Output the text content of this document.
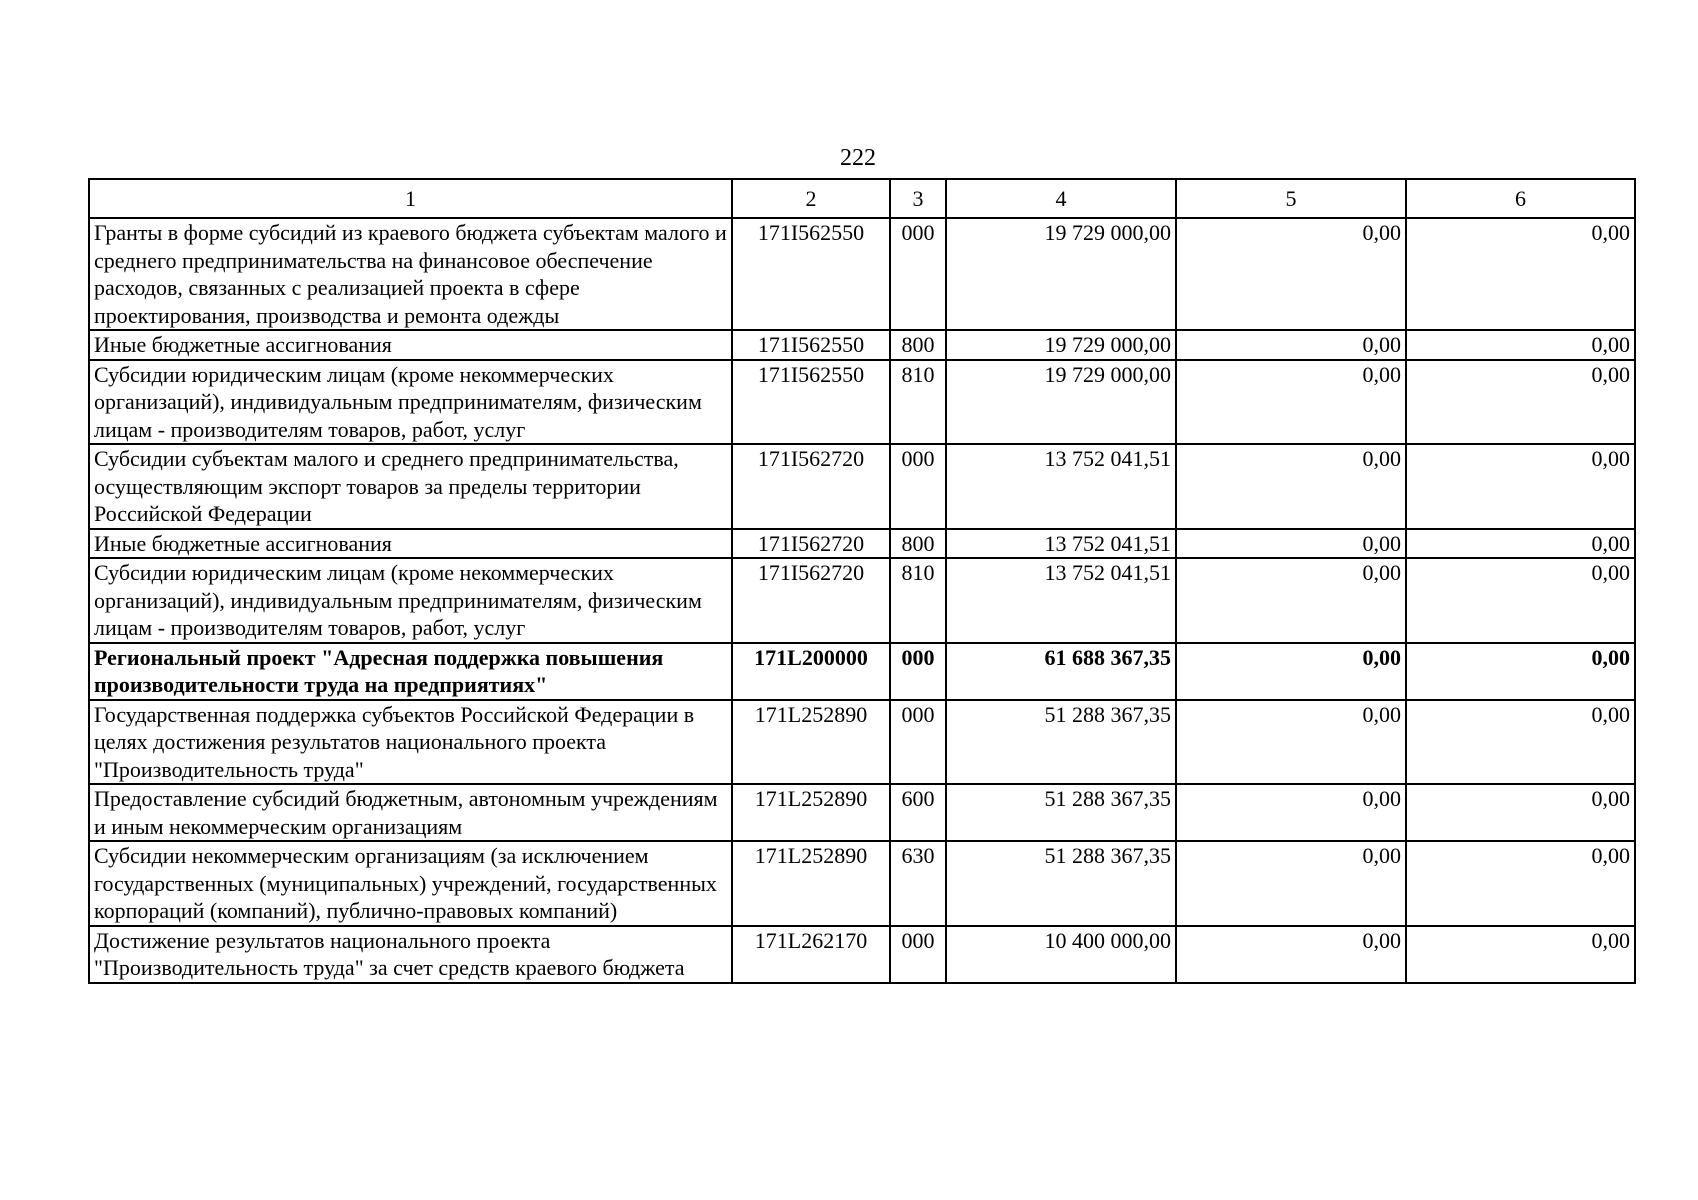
222
1	2	3	4	5	6
Гранты в форме субсидий из краевого бюджета субъектам малого и среднего предпринимательства на финансовое обеспечение расходов, связанных с реализацией проекта в сфере проектирования, производства и ремонта одежды	171I562550	000	19 729 000,00	0,00	0,00
Иные бюджетные ассигнования	171I562550	800	19 729 000,00	0,00	0,00
Субсидии юридическим лицам (кроме некоммерческих организаций), индивидуальным предпринимателям, физическим лицам - производителям товаров, работ, услуг	171I562550	810	19 729 000,00	0,00	0,00
Субсидии субъектам малого и среднего предпринимательства, осуществляющим экспорт товаров за пределы территории Российской Федерации	171I562720	000	13 752 041,51	0,00	0,00
Иные бюджетные ассигнования	171I562720	800	13 752 041,51	0,00	0,00
Субсидии юридическим лицам (кроме некоммерческих организаций), индивидуальным предпринимателям, физическим лицам - производителям товаров, работ, услуг	171I562720	810	13 752 041,51	0,00	0,00
Региональный проект "Адресная поддержка повышения производительности труда на предприятиях"	171L200000	000	61 688 367,35	0,00	0,00
Государственная поддержка субъектов Российской Федерации в целях достижения результатов национального проекта "Производительность труда"	171L252890	000	51 288 367,35	0,00	0,00
Предоставление субсидий бюджетным, автономным учреждениям и иным некоммерческим организациям	171L252890	600	51 288 367,35	0,00	0,00
Субсидии некоммерческим организациям (за исключением государственных (муниципальных) учреждений, государственных корпораций (компаний), публично-правовых компаний)	171L252890	630	51 288 367,35	0,00	0,00
Достижение результатов национального проекта "Производительность труда" за счет средств краевого бюджета	171L262170	000	10 400 000,00	0,00	0,00
